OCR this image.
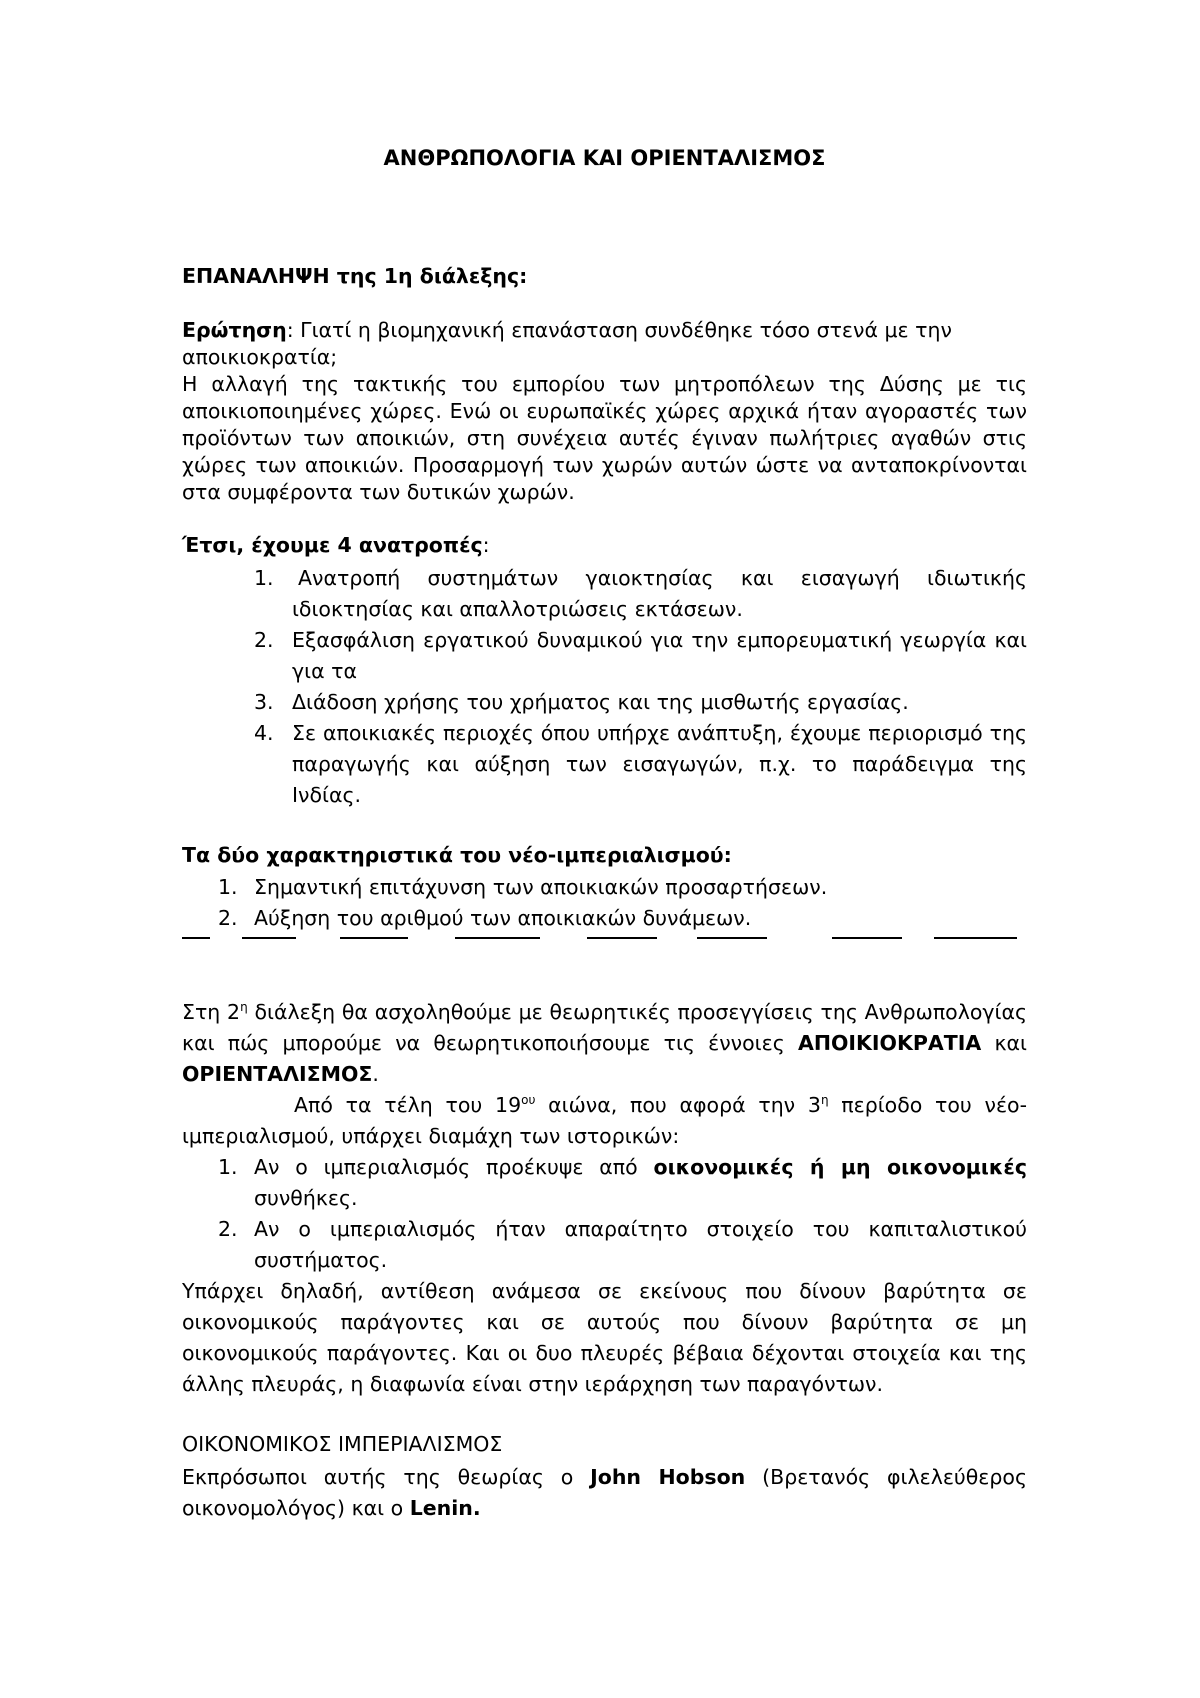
ΑΝΘΡΩΠΟΛΟΓΙΑ ΚΑΙ ΟΡΙΕΝΤΑΛΙΣΜΟΣ
ΕΠΑΝΑΛΗΨΗ της 1η διάλεξης:
Ερώτηση: Γιατί η βιομηχανική επανάσταση συνδέθηκε τόσο στενά με την αποικιοκρατία;
Η αλλαγή της τακτικής του εμπορίου των μητροπόλεων της Δύσης με τις αποικιοποιημένες χώρες. Ενώ οι ευρωπαϊκές χώρες αρχικά ήταν αγοραστές των προϊόντων των αποικιών, στη συνέχεια αυτές έγιναν πωλήτριες αγαθών στις χώρες των αποικιών. Προσαρμογή των χωρών αυτών ώστε να ανταποκρίνονται στα συμφέροντα των δυτικών χωρών.
Έτσι, έχουμε 4 ανατροπές:
1.	Ανατροπή συστημάτων γαιοκτησίας και εισαγωγή ιδιωτικής ιδιοκτησίας και απαλλοτριώσεις εκτάσεων.
2. Εξασφάλιση εργατικού δυναμικού για την εμπορευματική γεωργία και για τα
3. Διάδοση χρήσης του χρήματος και της μισθωτής εργασίας.
4. Σε αποικιακές περιοχές όπου υπήρχε ανάπτυξη, έχουμε περιορισμό της παραγωγής και αύξηση των εισαγωγών, π.χ. το παράδειγμα της Ινδίας.
Τα δύο χαρακτηριστικά του νέο-ιμπεριαλισμού:
1. Σημαντική επιτάχυνση των αποικιακών προσαρτήσεων.
2. Αύξηση του αριθμού των αποικιακών δυνάμεων.
Στη $2^\eta$ διάλεξη θα ασχοληθούμε με θεωρητικές προσεγγίσεις της Ανθρωπολογίας και πώς μπορούμε να θεωρητικοποιήσουμε τις έννοιες ΑΠΟΙΚΙΟΚΡΑΤΙΑ και ΟΡΙΕΝΤΑΛΙΣΜΟΣ.
Από τα τέλη του $19^{o\upsilon}$ αιώνα, που αφορά την $3^\eta$ περίοδο του νέο-ιμπεριαλισμού, υπάρχει διαμάχη των ιστορικών:
1. Αν ο ιμπεριαλισμός προέκυψε από οικονομικές ή μη οικονομικές συνθήκες.
2. Αν ο ιμπεριαλισμός ήταν απαραίτητο στοιχείο του καπιταλιστικού συστήματος.
Υπάρχει δηλαδή, αντίθεση ανάμεσα σε εκείνους που δίνουν βαρύτητα σε οικονομικούς παράγοντες και σε αυτούς που δίνουν βαρύτητα σε μη οικονομικούς παράγοντες. Και οι δυο πλευρές βέβαια δέχονται στοιχεία και της άλλης πλευράς, η διαφωνία είναι στην ιεράρχηση των παραγόντων.
ΟΙΚΟΝΟΜΙΚΟΣ ΙΜΠΕΡΙΑΛΙΣΜΟΣ
Εκπρόσωποι αυτής της θεωρίας ο John Hobson (Βρετανός φιλελεύθερος οικονομολόγος) και ο Lenin.
